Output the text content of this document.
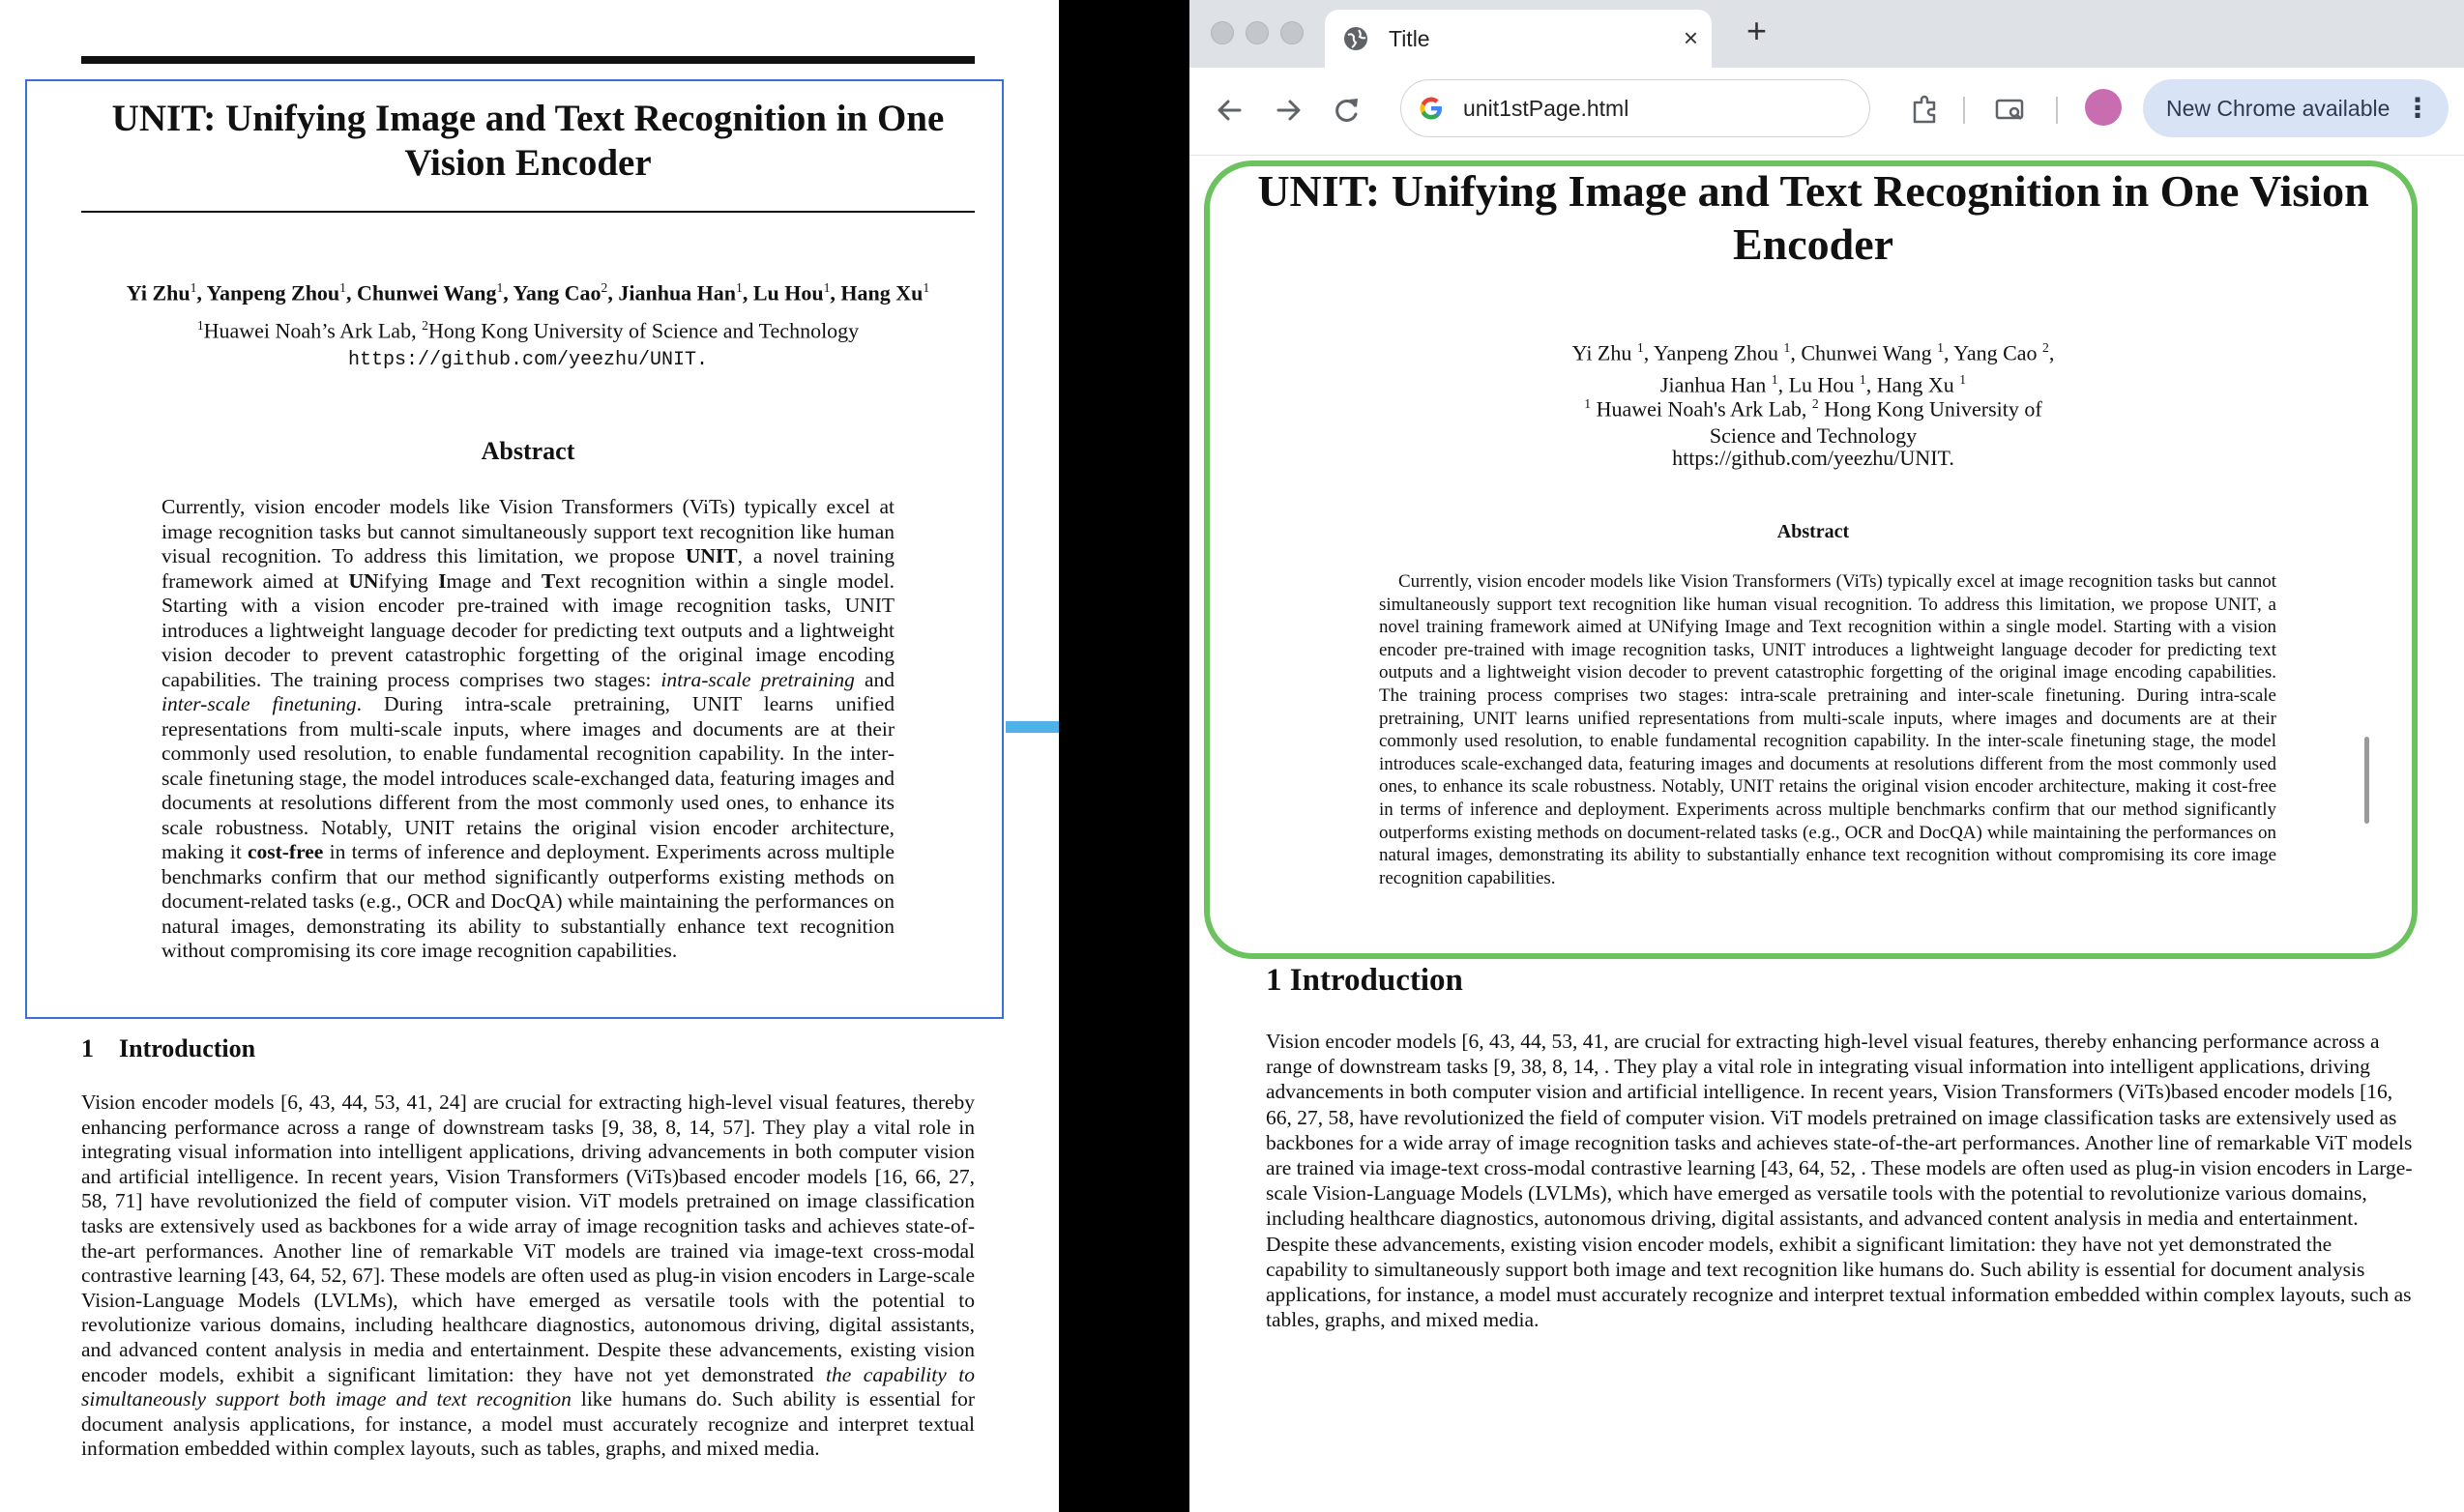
UNIT: Unifying Image and Text Recognition in One Vision Encoder
Yi Zhu$^1$, Yanpeng Zhou$^1$, Chunwei Wang$^1$, Yang Cao$^2$, Jianhua Han$^1$, Lu Hou$^1$, Hang Xu$^1$
$^1$Huawei Noah’s Ark Lab, $^2$Hong Kong University of Science and Technology
https://github.com/yeezhu/UNIT.
Abstract

Currently, vision encoder models like Vision Transformers (ViTs) typically excel at image recognition tasks but cannot simultaneously support text recognition like human visual recognition. To address this limitation, we propose UNIT, a novel training framework aimed at UNifying Image and Text recognition within a single model. Starting with a vision encoder pre-trained with image recognition tasks, UNIT introduces a lightweight language decoder for predicting text outputs and a lightweight vision decoder to prevent catastrophic forgetting of the original image encoding capabilities. The training process comprises two stages: intra-scale pretraining and inter-scale finetuning. During intra-scale pretraining, UNIT learns unified representations from multi-scale inputs, where images and documents are at their commonly used resolution, to enable fundamental recognition capability. In the inter-scale finetuning stage, the model introduces scale-exchanged data, featuring images and documents at resolutions different from the most commonly used ones, to enhance its scale robustness. Notably, UNIT retains the original vision encoder architecture, making it cost-free in terms of inference and deployment. Experiments across multiple benchmarks confirm that our method significantly outperforms existing methods on document-related tasks (e.g., OCR and DocQA) while maintaining the performances on natural images, demonstrating its ability to substantially enhance text recognition without compromising its core image recognition capabilities.

1 Introduction

Vision encoder models [6, 43, 44, 53, 41, 24] are crucial for extracting high-level visual features, thereby enhancing performance across a range of downstream tasks [9, 38, 8, 14, 57]. They play a vital role in integrating visual information into intelligent applications, driving advancements in both computer vision and artificial intelligence. In recent years, Vision Transformers (ViTs)based encoder models [16, 66, 27, 58, 71] have revolutionized the field of computer vision. ViT models pretrained on image classification tasks are extensively used as backbones for a wide array of image recognition tasks and achieves state-of-the-art performances. Another line of remarkable ViT models are trained via image-text cross-modal contrastive learning [43, 64, 52, 67]. These models are often used as plug-in vision encoders in Large-scale Vision-Language Models (LVLMs), which have emerged as versatile tools with the potential to revolutionize various domains, including healthcare diagnostics, autonomous driving, digital assistants, and advanced content analysis in media and entertainment. Despite these advancements, existing vision encoder models, exhibit a significant limitation: they have not yet demonstrated the capability to simultaneously support both image and text recognition like humans do. Such ability is essential for document analysis applications, for instance, a model must accurately recognize and interpret textual information embedded within complex layouts, such as tables, graphs, and mixed media.

Title	× +
unit1stPage.html	New Chrome available ⋮
UNIT: Unifying Image and Text Recognition in One Vision Encoder
Yi Zhu $^1$, Yanpeng Zhou $^1$, Chunwei Wang $^1$, Yang Cao $^2$,
Jianhua Han $^1$, Lu Hou $^1$, Hang Xu $^1$
$^1$ Huawei Noah's Ark Lab, $^2$ Hong Kong University of Science and Technology
https://github.com/yeezhu/UNIT.
Abstract

Currently, vision encoder models like Vision Transformers (ViTs) typically excel at image recognition tasks but cannot simultaneously support text recognition like human visual recognition. To address this limitation, we propose UNIT, a novel training framework aimed at UNifying Image and Text recognition within a single model. Starting with a vision encoder pre-trained with image recognition tasks, UNIT introduces a lightweight language decoder for predicting text outputs and a lightweight vision decoder to prevent catastrophic forgetting of the original image encoding capabilities. The training process comprises two stages: intra-scale pretraining and inter-scale finetuning. During intra-scale pretraining, UNIT learns unified representations from multi-scale inputs, where images and documents are at their commonly used resolution, to enable fundamental recognition capability. In the inter-scale finetuning stage, the model introduces scale-exchanged data, featuring images and documents at resolutions different from the most commonly used ones, to enhance its scale robustness. Notably, UNIT retains the original vision encoder architecture, making it cost-free in terms of inference and deployment. Experiments across multiple benchmarks confirm that our method significantly outperforms existing methods on document-related tasks (e.g., OCR and DocQA) while maintaining the performances on natural images, demonstrating its ability to substantially enhance text recognition without compromising its core image recognition capabilities.

1 Introduction

Vision encoder models [6, 43, 44, 53, 41, are crucial for extracting high-level visual features, thereby enhancing performance across a range of downstream tasks [9, 38, 8, 14, . They play a vital role in integrating visual information into intelligent applications, driving advancements in both computer vision and artificial intelligence. In recent years, Vision Transformers (ViTs)based encoder models [16, 66, 27, 58, have revolutionized the field of computer vision. ViT models pretrained on image classification tasks are extensively used as backbones for a wide array of image recognition tasks and achieves state-of-the-art performances. Another line of remarkable ViT models are trained via image-text cross-modal contrastive learning [43, 64, 52, . These models are often used as plug-in vision encoders in Large-scale Vision-Language Models (LVLMs), which have emerged as versatile tools with the potential to revolutionize various domains, including healthcare diagnostics, autonomous driving, digital assistants, and advanced content analysis in media and entertainment. Despite these advancements, existing vision encoder models, exhibit a significant limitation: they have not yet demonstrated the capability to simultaneously support both image and text recognition like humans do. Such ability is essential for document analysis applications, for instance, a model must accurately recognize and interpret textual information embedded within complex layouts, such as tables, graphs, and mixed media.
